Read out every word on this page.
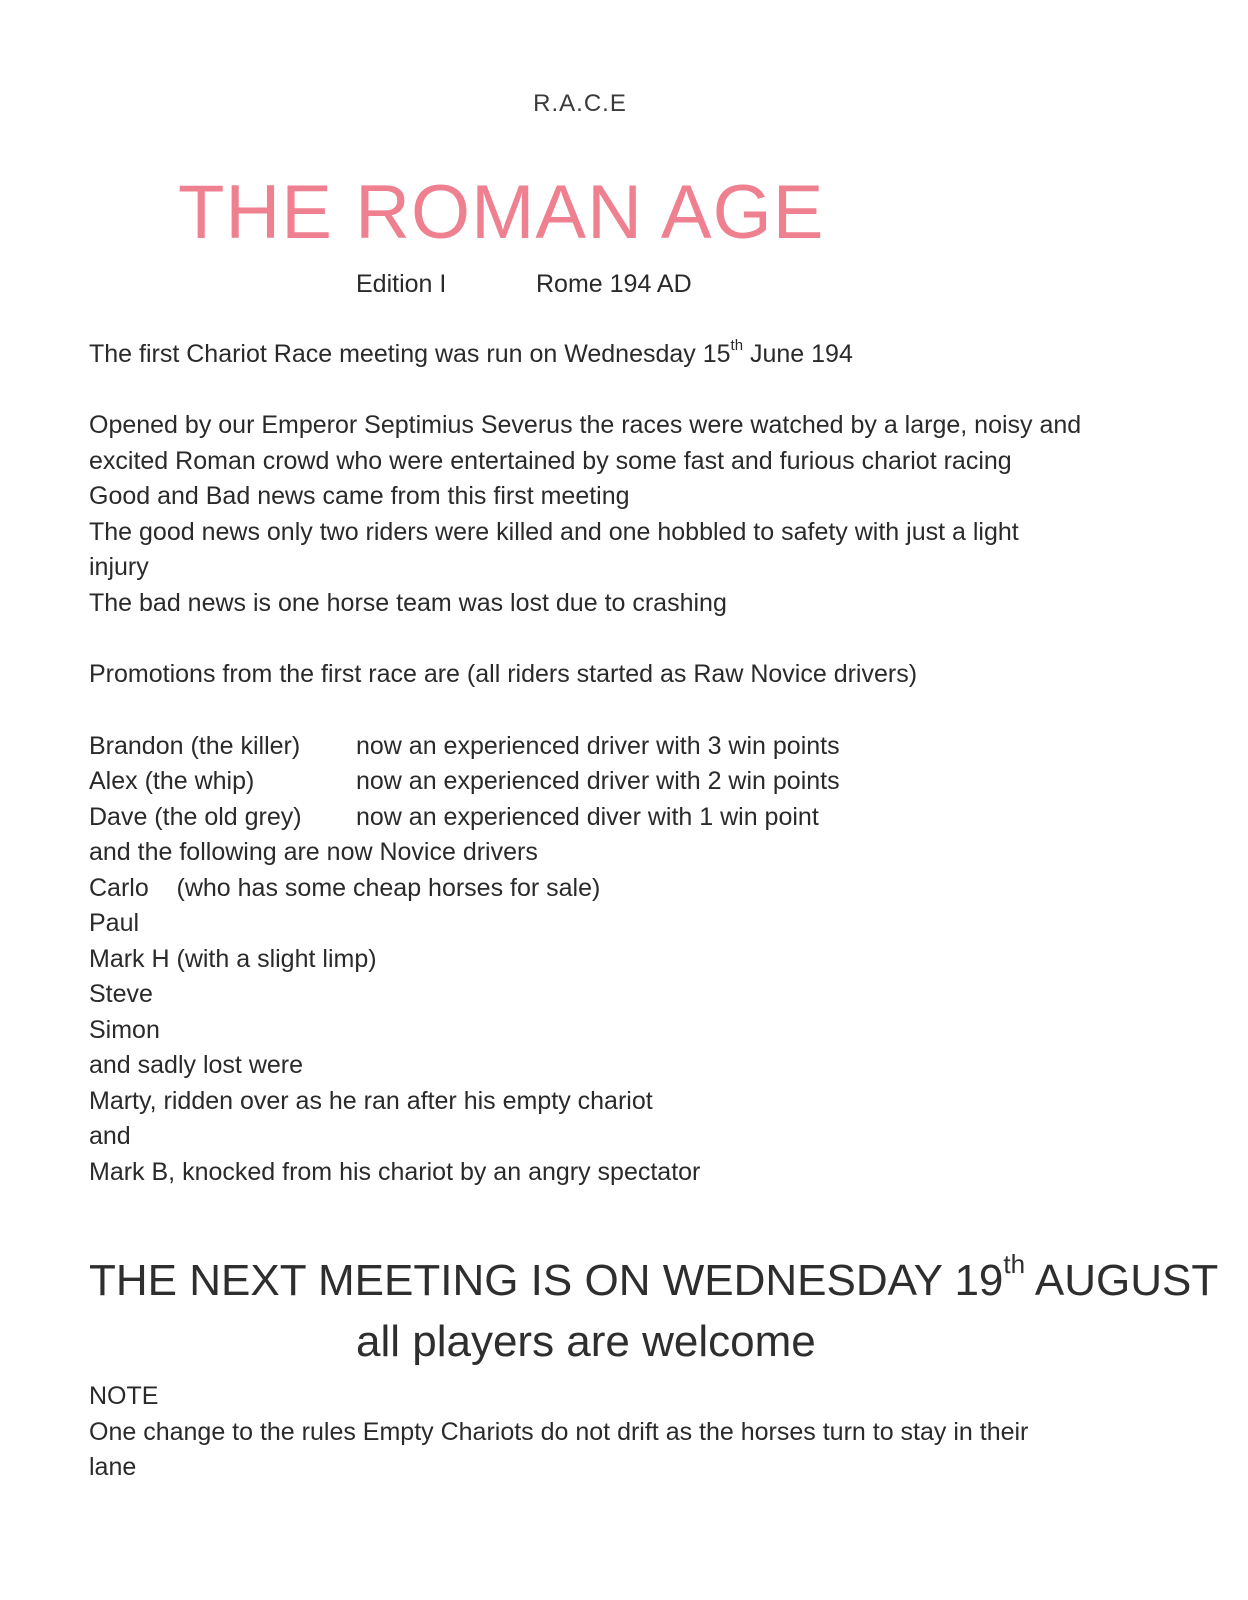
R.A.C.E
THE ROMAN AGE
Edition I	Rome 194 AD
The first Chariot Race meeting was run on Wednesday 15th June 194
Opened by our Emperor Septimius Severus the races were watched by a large, noisy and
excited Roman crowd who were entertained by some fast and furious chariot racing
Good and Bad news came from this first meeting
The good news only two riders were killed and one hobbled to safety with just a light
injury
The bad news is one horse team was lost due to crashing
Promotions from the first race are (all riders started as Raw Novice drivers)
Brandon (the killer) now an experienced driver with 3 win points
Alex (the whip)	now an experienced driver with 2 win points
Dave (the old grey) now an experienced diver with 1 win point
and the following are now Novice drivers
Carlo    (who has some cheap horses for sale)
Paul
Mark H (with a slight limp)
Steve
Simon
and sadly lost were
Marty, ridden over as he ran after his empty chariot
and
Mark B, knocked from his chariot by an angry spectator
THE NEXT MEETING IS ON WEDNESDAY 19th AUGUST
all players are welcome
NOTE
One change to the rules Empty Chariots do not drift as the horses turn to stay in their
lane
